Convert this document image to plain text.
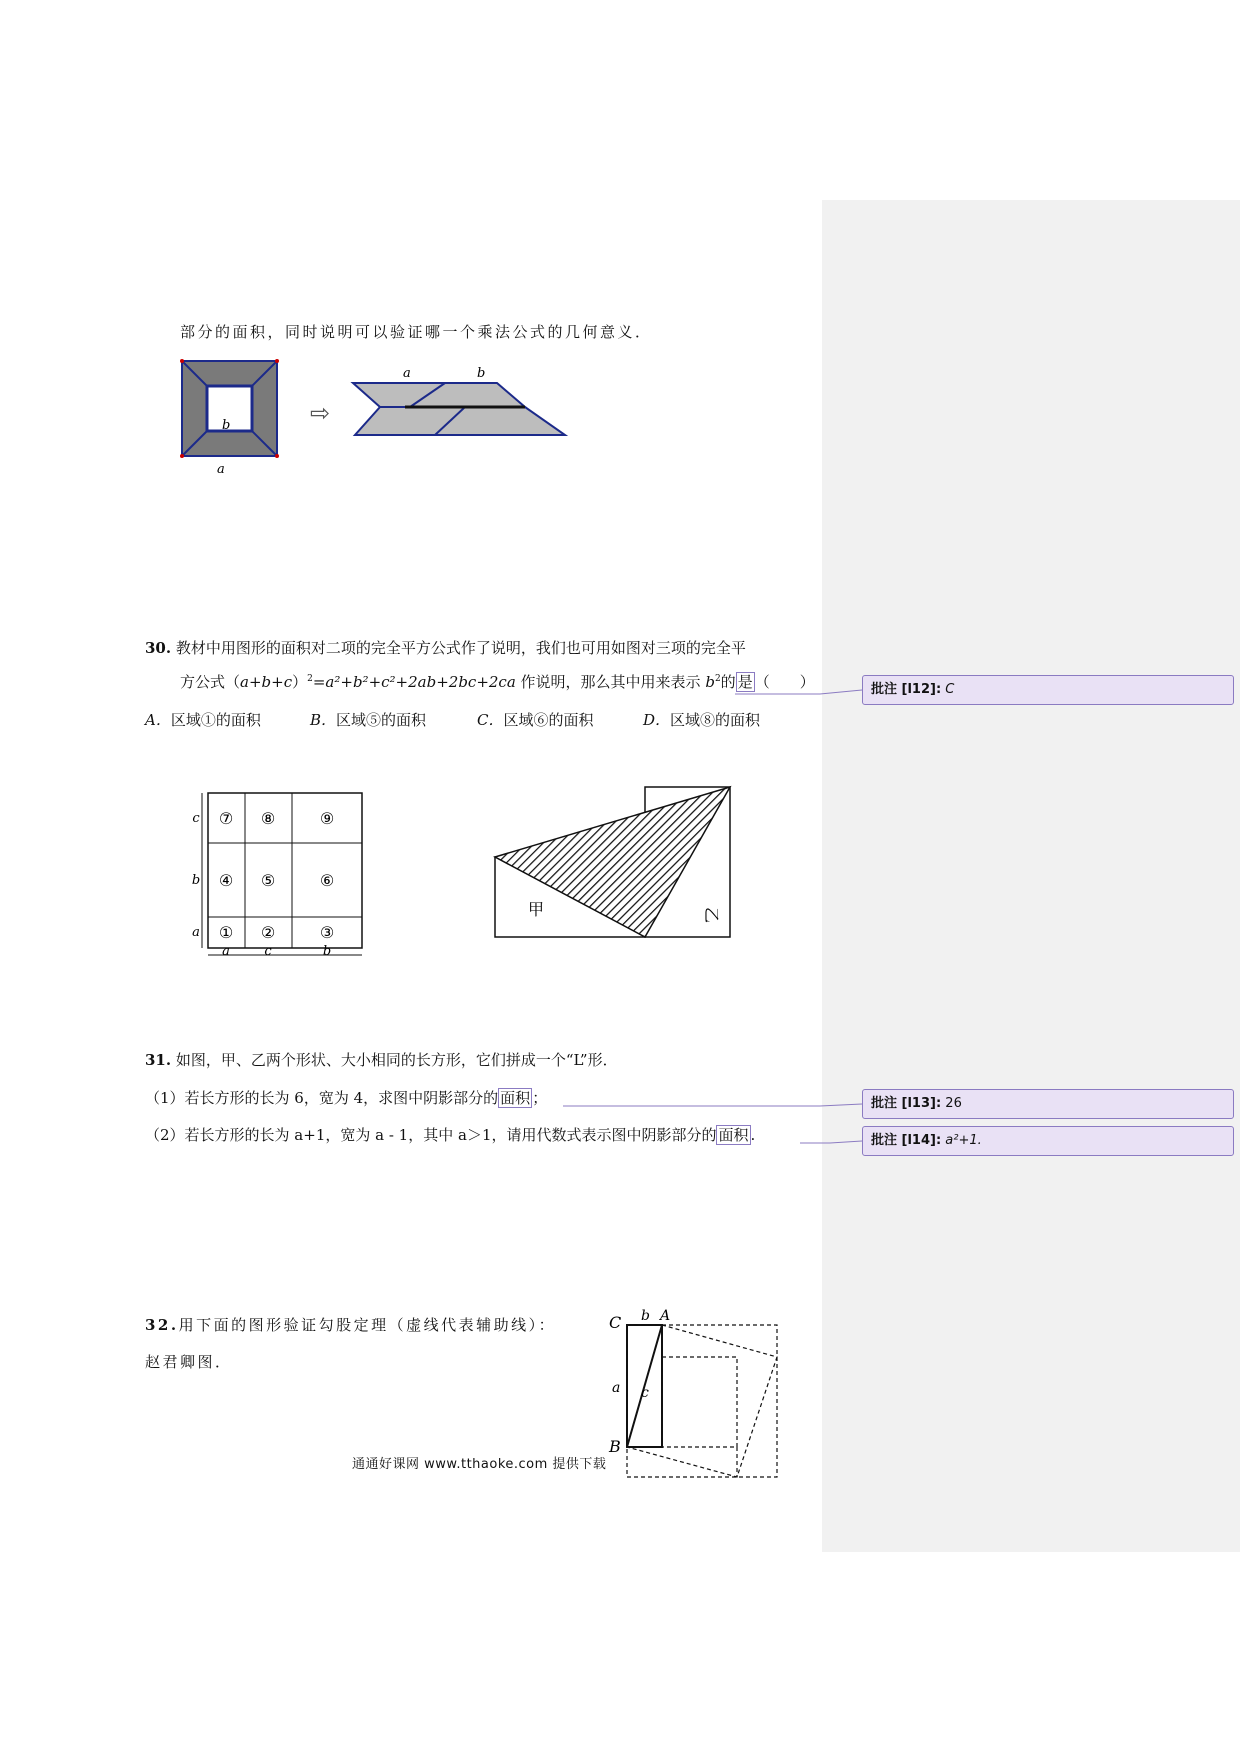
部分的面积，同时说明可以验证哪一个乘法公式的几何意义．
b
a
⇨
a	b
30. 教材中用图形的面积对二项的完全平方公式作了说明，我们也可用如图对三项的完全平
方公式$(a+b+c)^2=a^2+b^2+c^2+2ab+2bc+2ca$ 作说明，那么其中用来表示 $b^2$的 是 （　　）
A．区域①的面积	B．区域⑤的面积	C．区域⑥的面积	D．区域⑧的面积
⑦ ⑧	⑨
④ ⑤	⑥
① ②	③
c
b
a
a	c	b
甲	乙
31. 如图，甲、乙两个形状、大小相同的长方形，它们拼成一个“L”形．
（1）若长方形的长为 6，宽为 4，求图中阴影部分的 面积 ；
（2）若长方形的长为 a+1，宽为 a - 1，其中 a＞1，请用代数式表示图中阴影部分的 面积 .
32.用下面的图形验证勾股定理（虚线代表辅助线）：
赵君卿图．
C b A
a c
B
通通好课网 www.tthaoke.com 提供下载
批注 [l12]: C
批注 [l13]: 26
批注 [l14]: a²+1.
